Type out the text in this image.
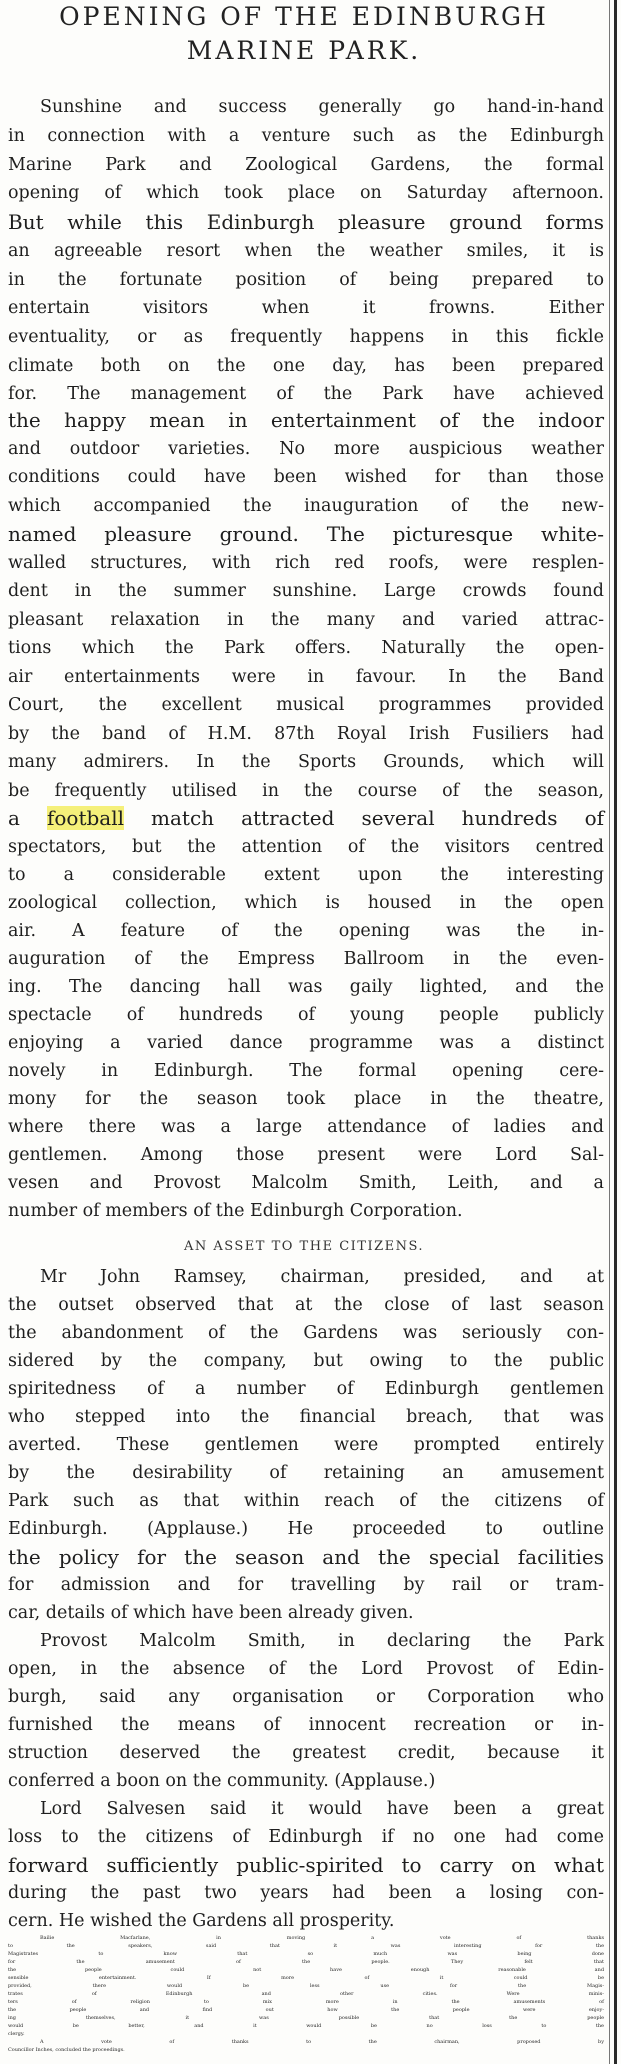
OPENING OF THE EDINBURGH
MARINE PARK.
Sunshine and success generally go hand-in-hand
in connection with a venture such as the Edinburgh
Marine Park and Zoological Gardens, the formal
opening of which took place on Saturday afternoon.
But while this Edinburgh pleasure ground forms
an agreeable resort when the weather smiles, it is
in the fortunate position of being prepared to
entertain visitors when it frowns. Either
eventuality, or as frequently happens in this fickle
climate both on the one day, has been prepared
for. The management of the Park have achieved
the happy mean in entertainment of the indoor
and outdoor varieties. No more auspicious weather
conditions could have been wished for than those
which accompanied the inauguration of the new-
named pleasure ground. The picturesque white-
walled structures, with rich red roofs, were resplen-
dent in the summer sunshine. Large crowds found
pleasant relaxation in the many and varied attrac-
tions which the Park offers. Naturally the open-
air entertainments were in favour. In the Band
Court, the excellent musical programmes provided
by the band of H.M. 87th Royal Irish Fusiliers had
many admirers. In the Sports Grounds, which will
be frequently utilised in the course of the season,
a football match attracted several hundreds of
spectators, but the attention of the visitors centred
to a considerable extent upon the interesting
zoological collection, which is housed in the open
air. A feature of the opening was the in-
auguration of the Empress Ballroom in the even-
ing. The dancing hall was gaily lighted, and the
spectacle of hundreds of young people publicly
enjoying a varied dance programme was a distinct
novely in Edinburgh. The formal opening cere-
mony for the season took place in the theatre,
where there was a large attendance of ladies and
gentlemen. Among those present were Lord Sal-
vesen and Provost Malcolm Smith, Leith, and a
number of members of the Edinburgh Corporation.
AN ASSET TO THE CITIZENS.
Mr John Ramsey, chairman, presided, and at
the outset observed that at the close of last season
the abandonment of the Gardens was seriously con-
sidered by the company, but owing to the public
spiritedness of a number of Edinburgh gentlemen
who stepped into the financial breach, that was
averted. These gentlemen were prompted entirely
by the desirability of retaining an amusement
Park such as that within reach of the citizens of
Edinburgh. (Applause.) He proceeded to outline
the policy for the season and the special facilities
for admission and for travelling by rail or tram-
car, details of which have been already given.
Provost Malcolm Smith, in declaring the Park
open, in the absence of the Lord Provost of Edin-
burgh, said any organisation or Corporation who
furnished the means of innocent recreation or in-
struction deserved the greatest credit, because it
conferred a boon on the community. (Applause.)
Lord Salvesen said it would have been a great
loss to the citizens of Edinburgh if no one had come
forward sufficiently public-spirited to carry on what
during the past two years had been a losing con-
cern. He wished the Gardens all prosperity.
Bailie Macfarlane, in moving a vote of thanks
to the speakers, said that it was interesting for the
Magistrates to know that so much was being done
for the amusement of the people. They felt that
the people could not have enough reasonable and
sensible entertainment. If more of it could be
provided, there would be less use for the Magis-
trates of Edinburgh and other cities. Were minis-
ters of religion to mix more in the amusements of
the people and find out how the people were enjoy-
ing themselves, it was possible that the people
would be better, and it would be no loss to the
clergy.
A vote of thanks to the chairman, proposed by
Councillor Inches, concluded the proceedings.
